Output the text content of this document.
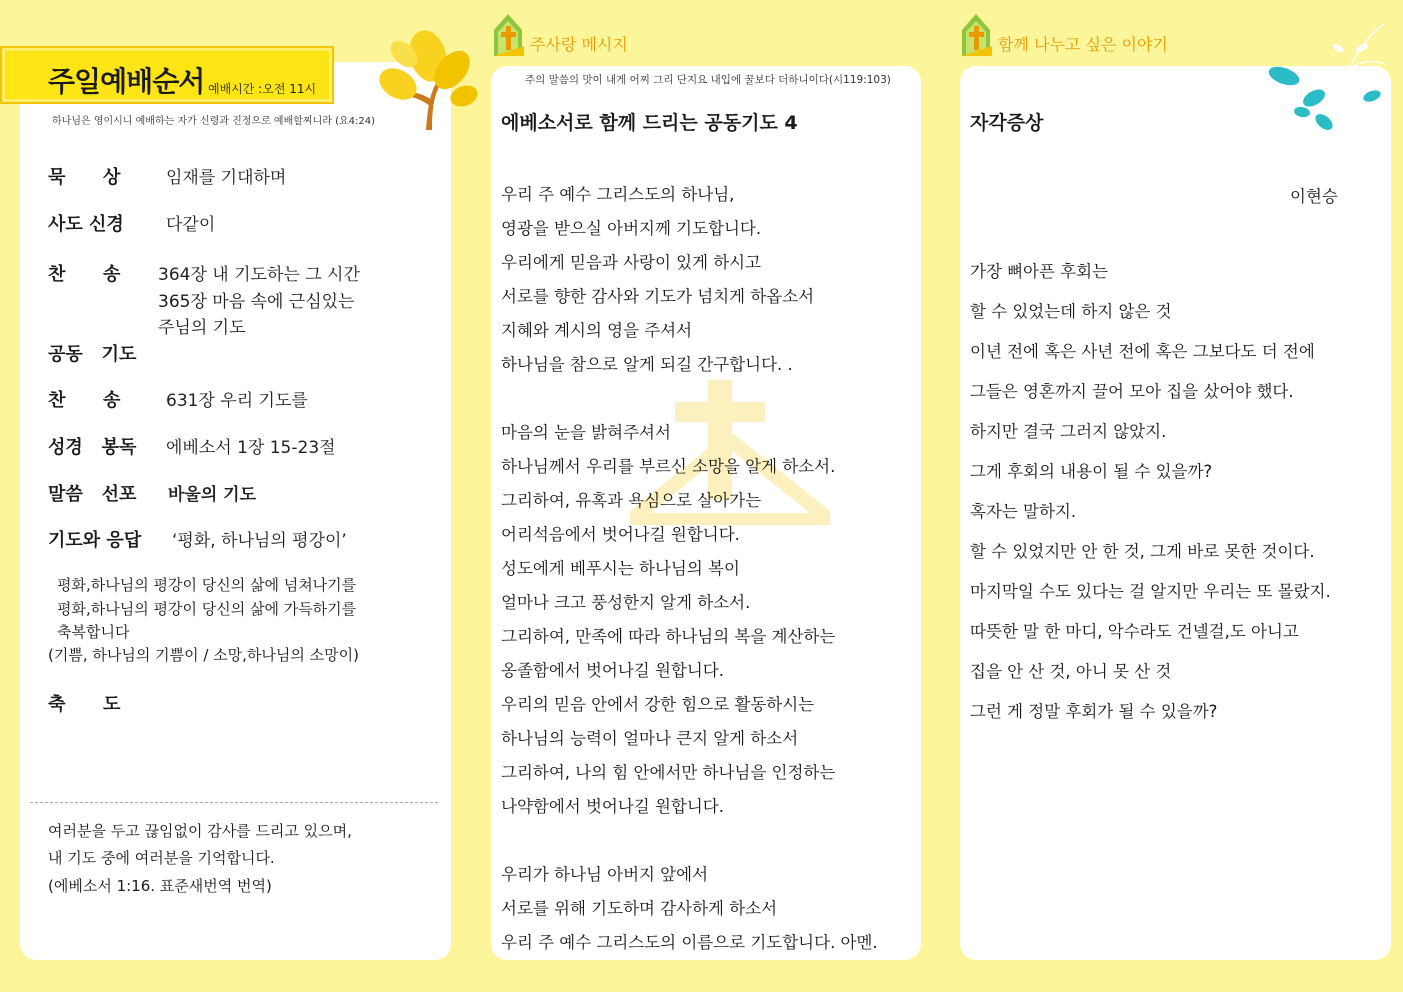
주일예배순서 예배시간 :오전 11시
하나님은 영이시니 예배하는 자가 신령과 진정으로 예배할찌니라 (요4:24)
묵      상	임재를 기대하며
사도 신경	다같이
찬      송	364장 내 기도하는 그 시간
365장 마음 속에 근심있는
주님의 기도
공동   기도
찬      송	631장 우리 기도를
성경   봉독	에베소서 1장 15-23절
말씀   선포	바울의 기도
기도와 응답	‘평화, 하나님의 평강이’
평화,하나님의 평강이 당신의 삶에 넘쳐나기를
평화,하나님의 평강이 당신의 삶에 가득하기를
축복합니다
(기쁨, 하나님의 기쁨이 / 소망,하나님의 소망이)
축      도
여러분을 두고 끊임없이 감사를 드리고 있으며,
내 기도 중에 여러분을 기억합니다.
(에베소서 1:16. 표준새번역 번역)
주사랑 메시지
주의 말씀의 맛이 내게 어찌 그리 단지요 내입에 꿀보다 더하니이다(시119:103)
에베소서로 함께 드리는 공동기도 4
우리 주 예수 그리스도의 하나님,
영광을 받으실 아버지께 기도합니다.
우리에게 믿음과 사랑이 있게 하시고
서로를 향한 감사와 기도가 넘치게 하옵소서
지혜와 계시의 영을 주셔서
하나님을 참으로 알게 되길 간구합니다. .
마음의 눈을 밝혀주셔서
하나님께서 우리를 부르신 소망을 알게 하소서.
그리하여, 유혹과 욕심으로 살아가는
어리석음에서 벗어나길 원합니다.
성도에게 베푸시는 하나님의 복이
얼마나 크고 풍성한지 알게 하소서.
그리하여, 만족에 따라 하나님의 복을 계산하는
옹졸함에서 벗어나길 원합니다.
우리의 믿음 안에서 강한 힘으로 활동하시는
하나님의 능력이 얼마나 큰지 알게 하소서
그리하여, 나의 힘 안에서만 하나님을 인정하는
나약함에서 벗어나길 원합니다.
우리가 하나님 아버지 앞에서
서로를 위해 기도하며 감사하게 하소서
우리 주 예수 그리스도의 이름으로 기도합니다. 아멘.
함께 나누고 싶은 이야기
자각증상
이현승
가장 뼈아픈 후회는
할 수 있었는데 하지 않은 것
이년 전에 혹은 사년 전에 혹은 그보다도 더 전에
그들은 영혼까지 끌어 모아 집을 샀어야 했다.
하지만 결국 그러지 않았지.
그게 후회의 내용이 될 수 있을까?
혹자는 말하지.
할 수 있었지만 안 한 것, 그게 바로 못한 것이다.
마지막일 수도 있다는 걸 알지만 우리는 또 몰랐지.
따뜻한 말 한 마디, 악수라도 건넬걸,도 아니고
집을 안 산 것, 아니 못 산 것
그런 게 정말 후회가 될 수 있을까?
